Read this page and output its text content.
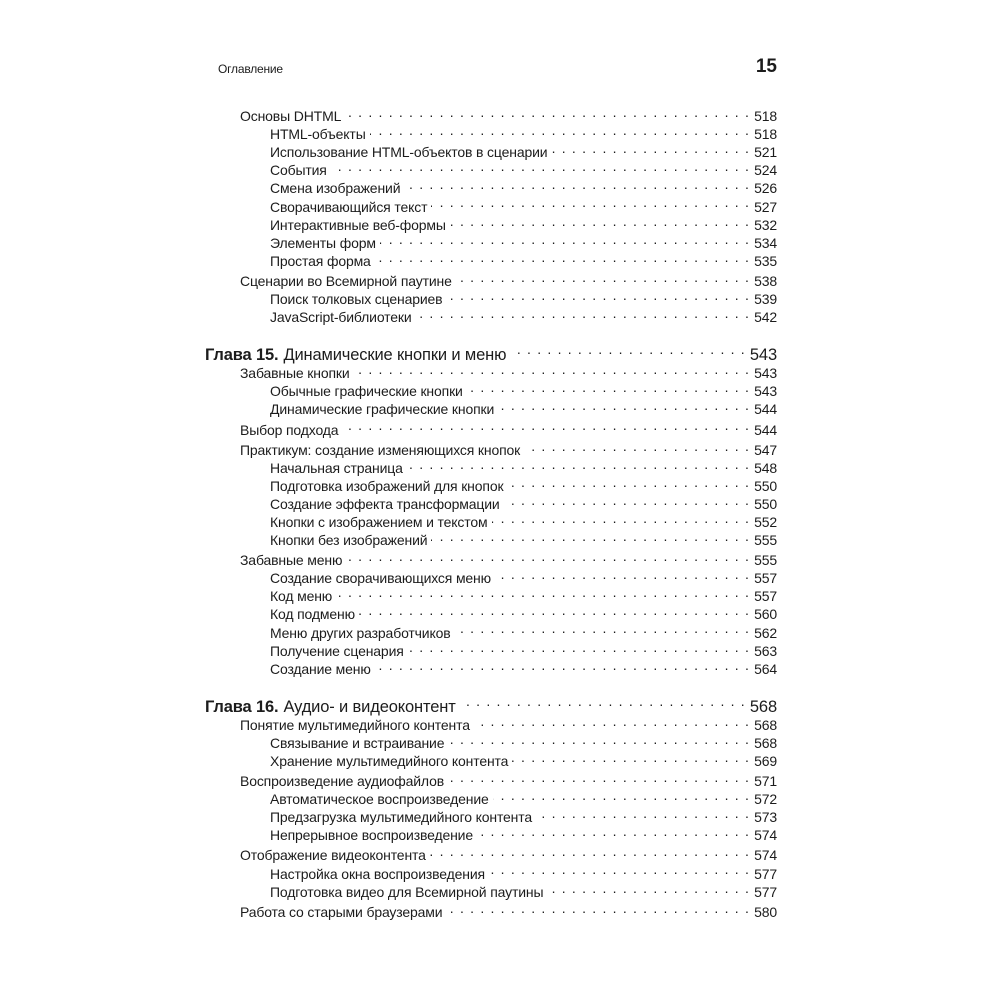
Оглавление	15
Основы DHTML . . .	518
HTML-объекты . . .	518
Использование HTML-объектов в сценарии . . .	521
События . . .	524
Смена изображений . . .	526
Сворачивающийся текст . . .	527
Интерактивные веб-формы . . .	532
Элементы форм . . .	534
Простая форма . . .	535
Сценарии во Всемирной паутине . . .	538
Поиск толковых сценариев . . .	539
JavaScript-библиотеки . . .	542
Глава 15. Динамические кнопки и меню . . .	543
Забавные кнопки . . .	543
Обычные графические кнопки . . .	543
Динамические графические кнопки . . .	544
Выбор подхода . . .	544
Практикум: создание изменяющихся кнопок . . .	547
Начальная страница . . .	548
Подготовка изображений для кнопок . . .	550
Создание эффекта трансформации . . .	550
Кнопки с изображением и текстом . . .	552
Кнопки без изображений . . .	555
Забавные меню . . .	555
Создание сворачивающихся меню . . .	557
Код меню . . .	557
Код подменю . . .	560
Меню других разработчиков . . .	562
Получение сценария . . .	563
Создание меню . . .	564
Глава 16. Аудио- и видеоконтент . . .	568
Понятие мультимедийного контента . . .	568
Связывание и встраивание . . .	568
Хранение мультимедийного контента . . .	569
Воспроизведение аудиофайлов . . .	571
Автоматическое воспроизведение . . .	572
Предзагрузка мультимедийного контента . . .	573
Непрерывное воспроизведение . . .	574
Отображение видеоконтента . . .	574
Настройка окна воспроизведения . . .	577
Подготовка видео для Всемирной паутины . . .	577
Работа со старыми браузерами . . .	580
